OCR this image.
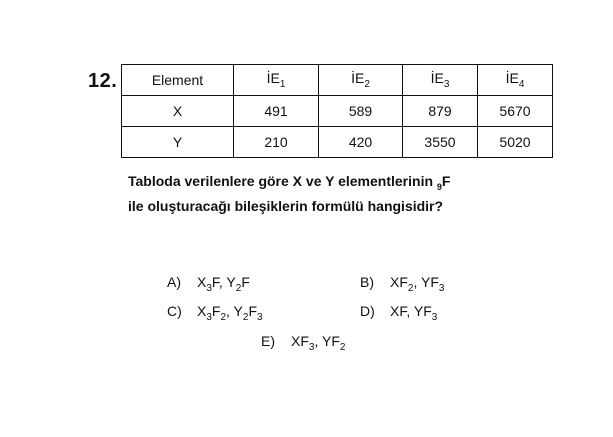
12. Element	$İE_1$	$İE_2$	$İE_3$	$İE_4$
X	491	589	879	5670
Y	210	420	3550	5020
Tabloda verilenlere göre X ve Y elementlerinin $_9$F
ile oluşturacağı bileşiklerin formülü hangisidir?
A) $X_3F$, $Y_2F$	B) $XF_2$, $YF_3$
C) $X_3F_2$, $Y_2F_3$	D) XF, $YF_3$
E) $XF_3$, $YF_2$
